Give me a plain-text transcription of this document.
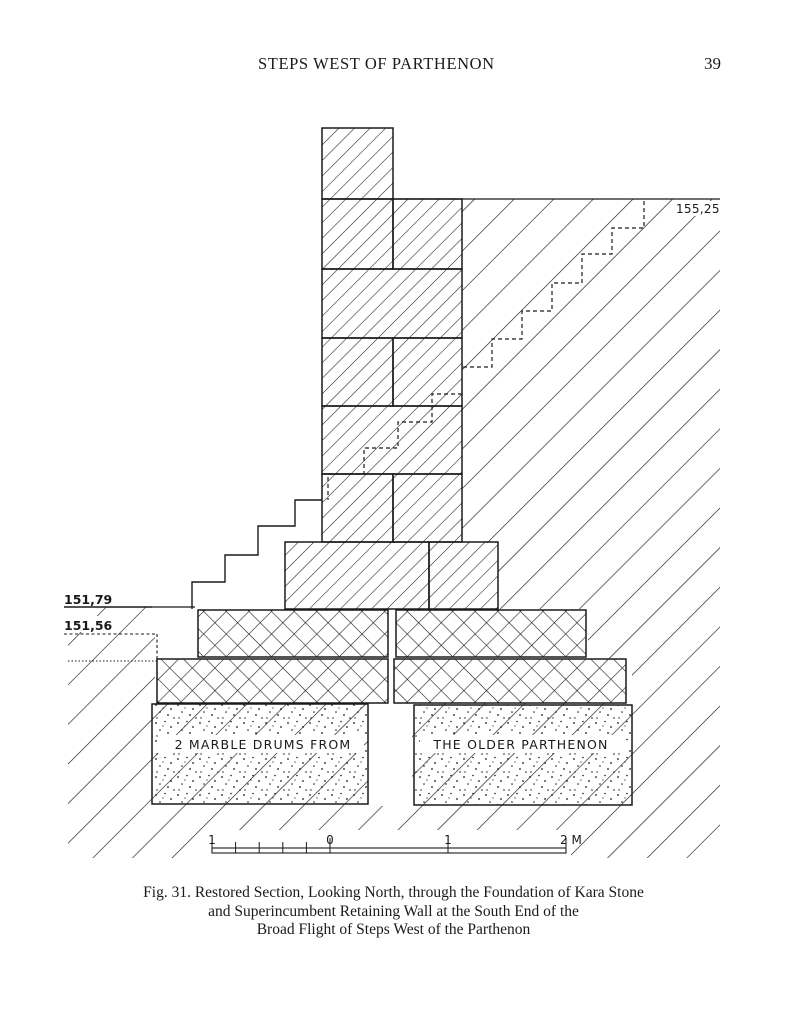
STEPS WEST OF PARTHENON	39
2 MARBLE DRUMS FROM	THE OLDER PARTHENON
155,25
151,79
151,56
1	0	1	2 M
Fig. 31. Restored Section, Looking North, through the Foundation of Kara Stone
and Superincumbent Retaining Wall at the South End of the
Broad Flight of Steps West of the Parthenon
